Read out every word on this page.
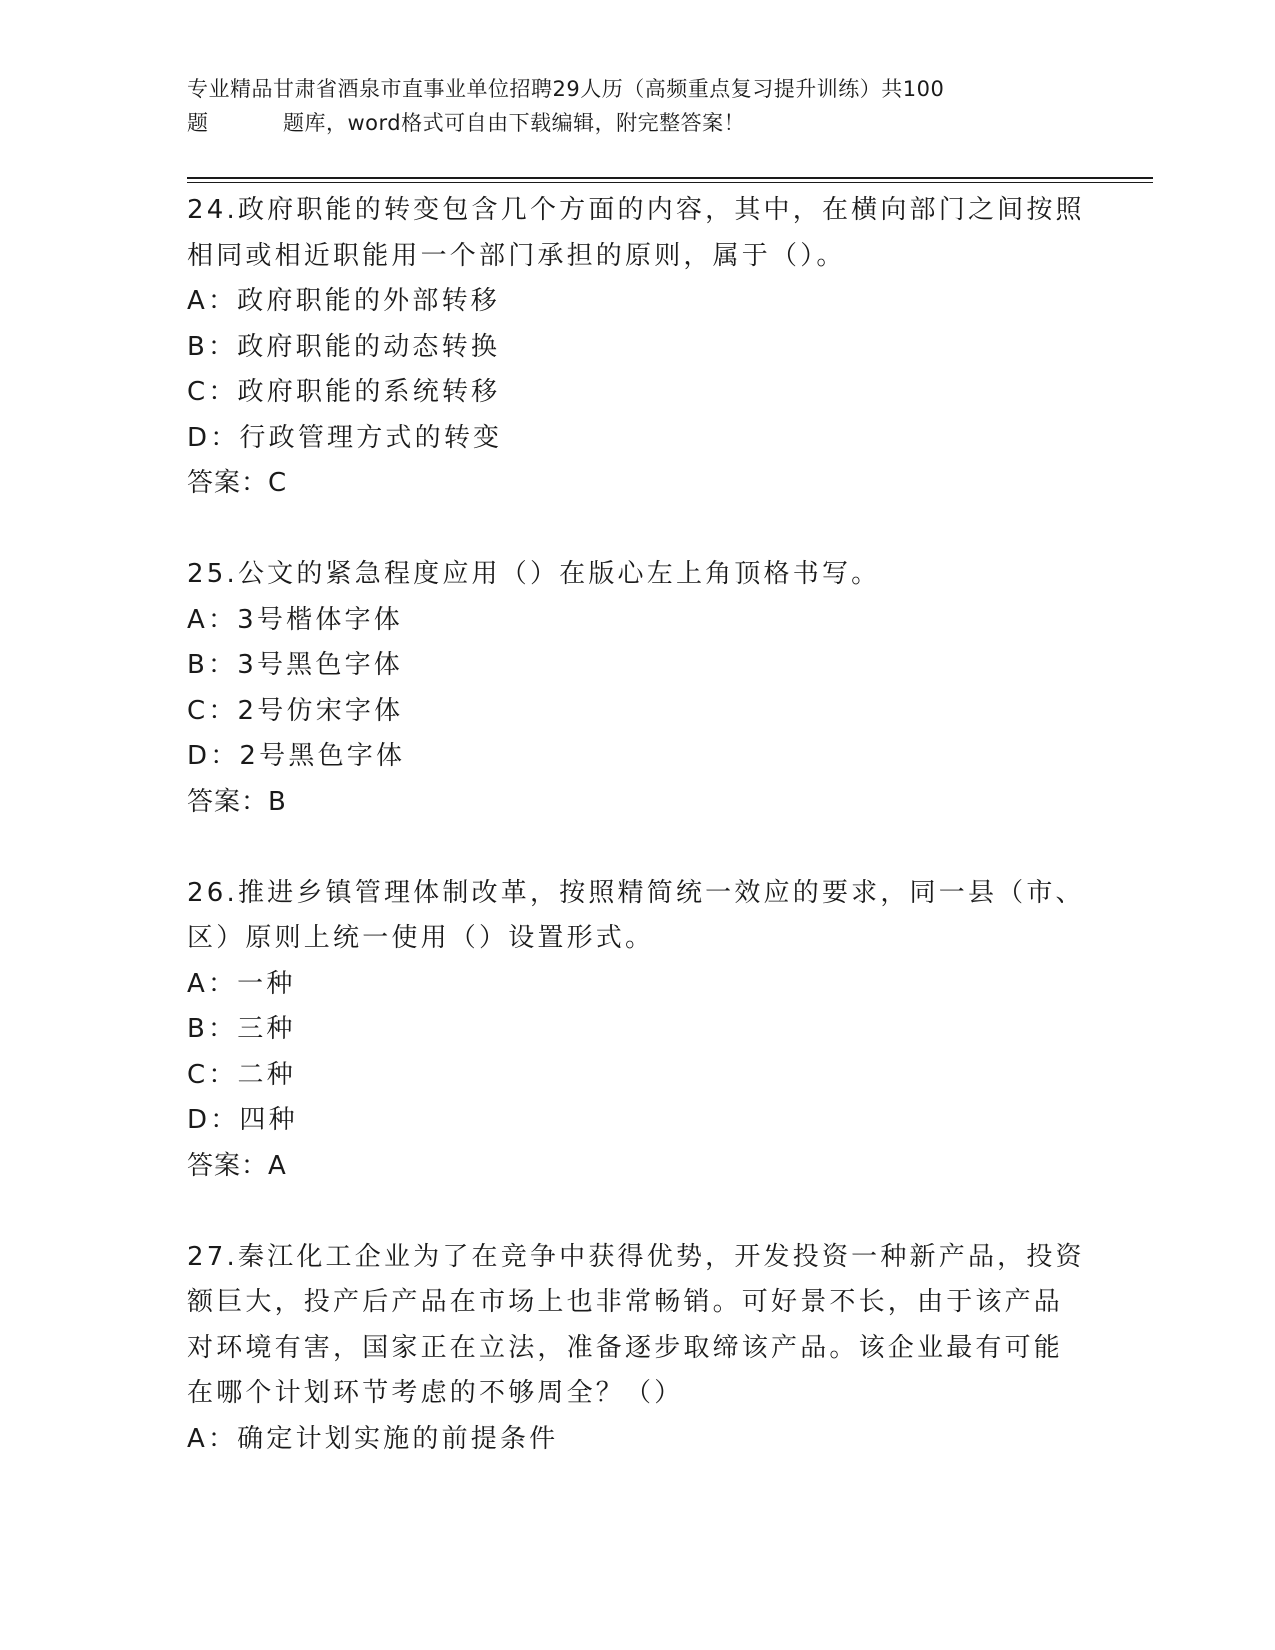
专业精品甘肃省酒泉市直事业单位招聘29人历（高频重点复习提升训练）共100
题	题库，word格式可自由下载编辑，附完整答案！

24.政府职能的转变包含几个方面的内容，其中，在横向部门之间按照

相同或相近职能用一个部门承担的原则，属于（）。

A：政府职能的外部转移

B：政府职能的动态转换

C：政府职能的系统转移

D：行政管理方式的转变

答案：C

25.公文的紧急程度应用（）在版心左上角顶格书写。

A：3号楷体字体

B：3号黑色字体

C：2号仿宋字体

D：2号黑色字体

答案：B

26.推进乡镇管理体制改革，按照精简统一效应的要求，同一县（市、

区）原则上统一使用（）设置形式。

A：一种

B：三种

C：二种

D：四种

答案：A

27.秦江化工企业为了在竞争中获得优势，开发投资一种新产品，投资

额巨大，投产后产品在市场上也非常畅销。可好景不长，由于该产品

对环境有害，国家正在立法，准备逐步取缔该产品。该企业最有可能

在哪个计划环节考虑的不够周全？（）

A：确定计划实施的前提条件
